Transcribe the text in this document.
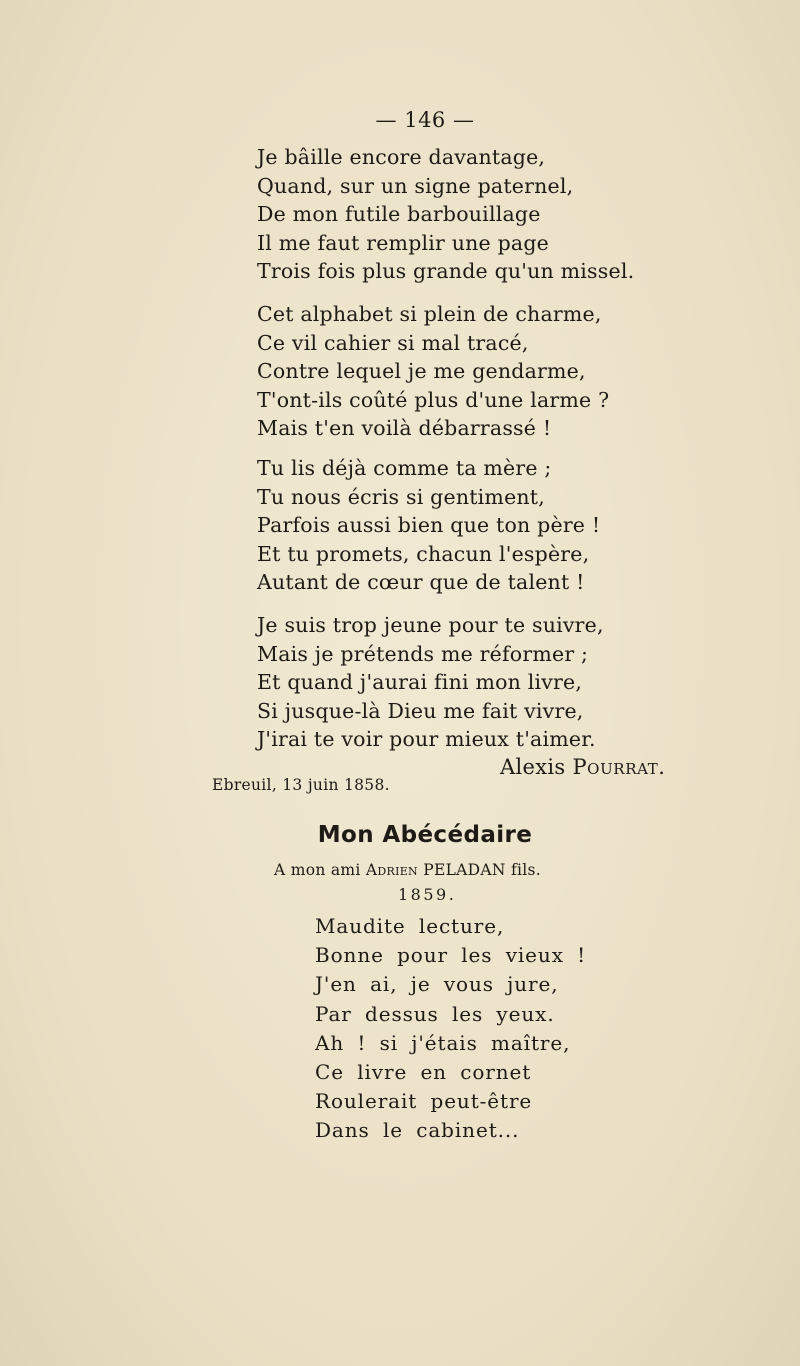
— 146 —
Je bâille encore davantage,
Quand, sur un signe paternel,
De mon futile barbouillage
Il me faut remplir une page
Trois fois plus grande qu'un missel.
Cet alphabet si plein de charme,
Ce vil cahier si mal tracé,
Contre lequel je me gendarme,
T'ont-ils coûté plus d'une larme ?
Mais t'en voilà débarrassé !
Tu lis déjà comme ta mère ;
Tu nous écris si gentiment,
Parfois aussi bien que ton père !
Et tu promets, chacun l'espère,
Autant de cœur que de talent !
Je suis trop jeune pour te suivre,
Mais je prétends me réformer ;
Et quand j'aurai fini mon livre,
Si jusque-là Dieu me fait vivre,
J'irai te voir pour mieux t'aimer.
Alexis Pourrat.
Ebreuil, 13 juin 1858.
Mon Abécédaire
A mon ami Adrien PELADAN fils.
1859.
Maudite lecture,
Bonne pour les vieux !
J'en ai, je vous jure,
Par dessus les yeux.
Ah ! si j'étais maître,
Ce livre en cornet
Roulerait peut-être
Dans le cabinet...
